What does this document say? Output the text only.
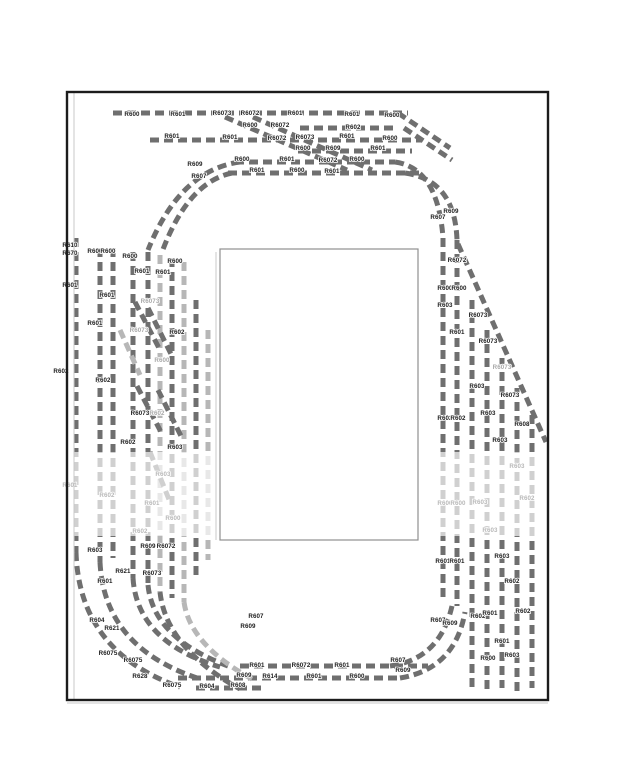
R600	R601	R6073 R6072	R601	R601	R600
R600 R6072	R602
R601	R601	R6072 R6073	R601	R600
R600 R609	R601
R600	R601	R6072 R600
R601	R600	R601
R609
R607
R609
R607
R610
R670 R600
R600
R600
R600
R601 R601
R601
R601
R6073
R601
R6073	R602
R600
R602
R602
R6073 R602
R602
R603
R603
R609 R6072
R621
R601
R6073
R604
R621
R6075
R6075
R628
R6075
R607
R609
R601	R6072	R601
R607
R609 R614	R601	R600
R609
R604	R608
R6072
R600
R600
R603
R601
R6073
R6073
R6073
R603
R6073
R603
R602
R602
R608
R603
R601
R601
R603
R602
R602
R601	R602
R601
R600 R603
R607
R609
